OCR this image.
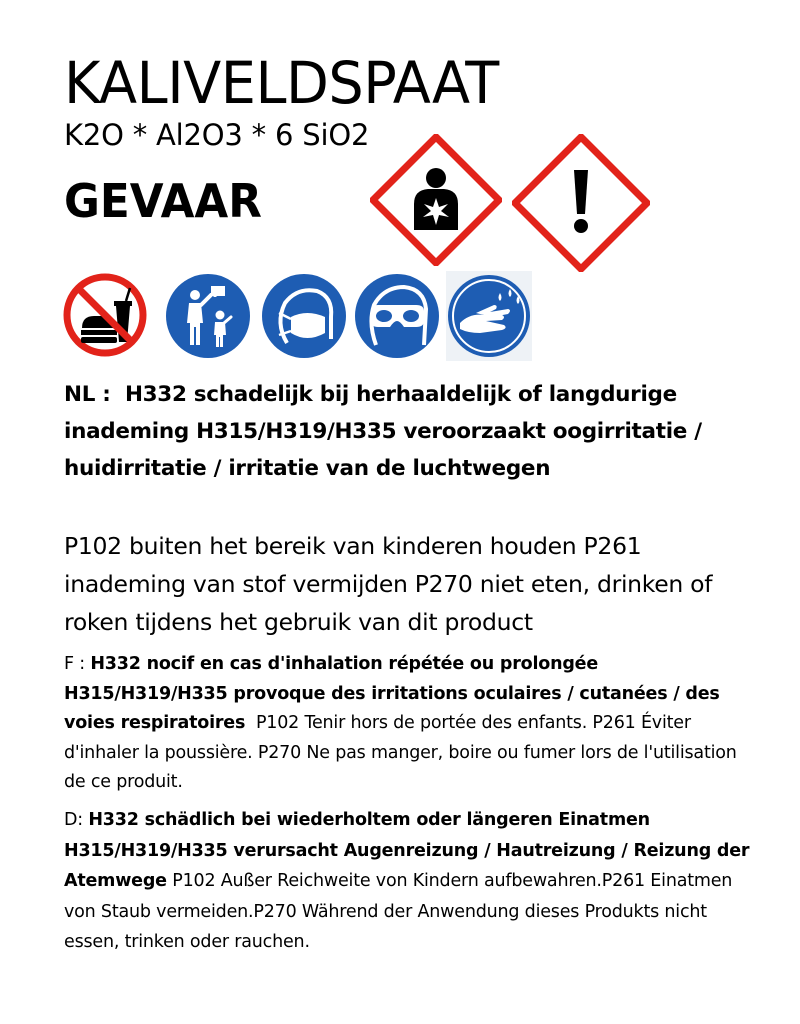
KALIVELDSPAAT
K2O * Al2O3 * 6 SiO2
GEVAAR
NL : H332 schadelijk bij herhaaldelijk of langdurige inademing H315/H319/H335 veroorzaakt oogirritatie / huidirritatie / irritatie van de luchtwegen
P102 buiten het bereik van kinderen houden P261 inademing van stof vermijden P270 niet eten, drinken of roken tijdens het gebruik van dit product
F : H332 nocif en cas d'inhalation répétée ou prolongée H315/H319/H335 provoque des irritations oculaires / cutanées / des voies respiratoires P102 Tenir hors de portée des enfants. P261 Éviter d'inhaler la poussière. P270 Ne pas manger, boire ou fumer lors de l'utilisation de ce produit.
D: H332 schädlich bei wiederholtem oder längeren Einatmen H315/H319/H335 verursacht Augenreizung / Hautreizung / Reizung der Atemwege P102 Außer Reichweite von Kindern aufbewahren.P261 Einatmen von Staub vermeiden.P270 Während der Anwendung dieses Produkts nicht essen, trinken oder rauchen.
